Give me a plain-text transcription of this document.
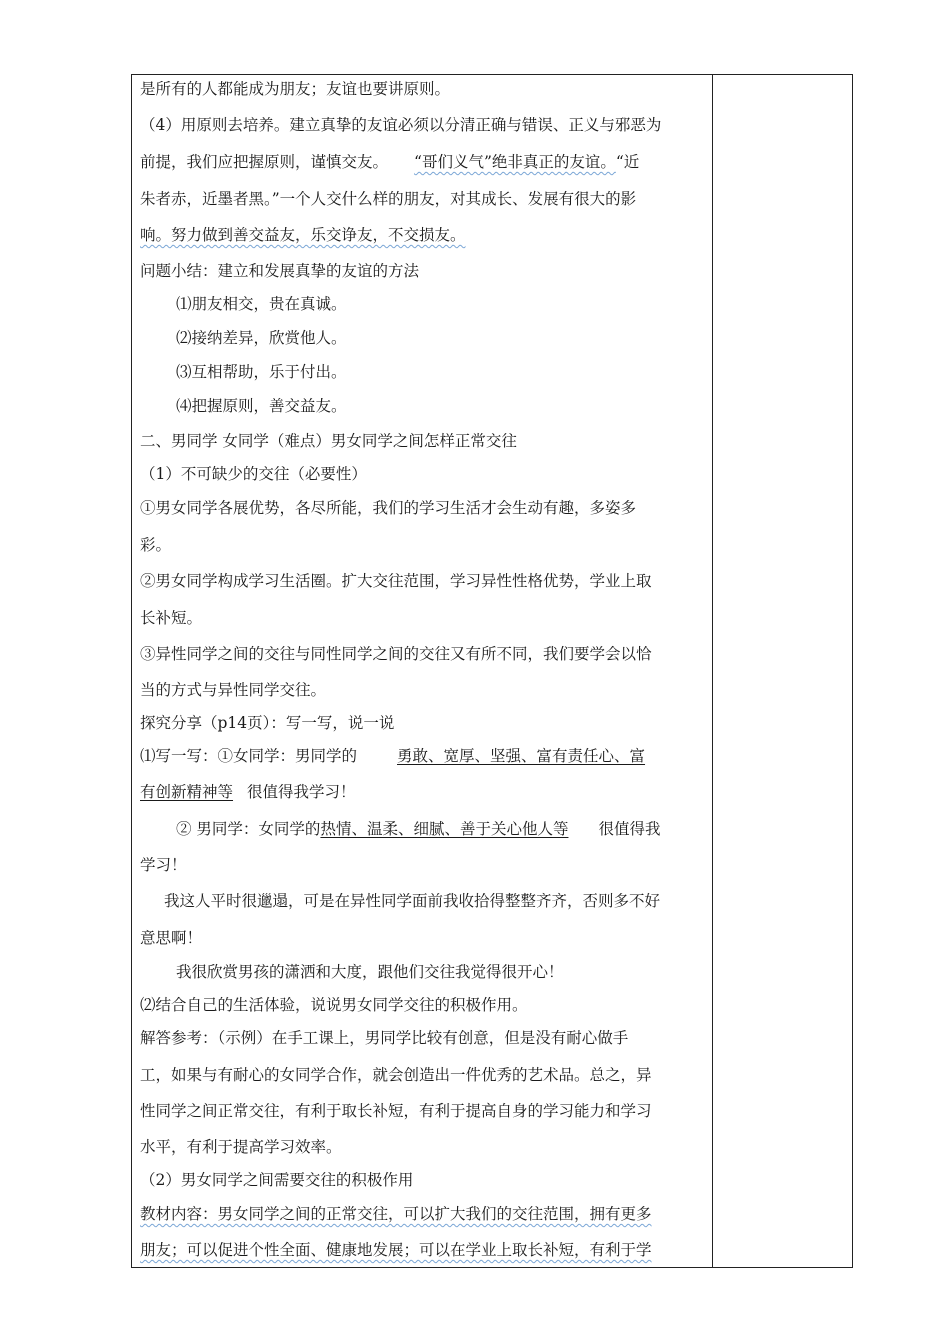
是所有的人都能成为朋友；友谊也要讲原则。
（4）用原则去培养。建立真挚的友谊必须以分清正确与错误、正义与邪恶为
前提，我们应把握原则，谨慎交友。 “哥们义气”绝非真正的友谊。“近
朱者赤，近墨者黑。”一个人交什么样的朋友，对其成长、发展有很大的影
响。努力做到善交益友，乐交诤友，不交损友。
问题小结：建立和发展真挚的友谊的方法
⑴朋友相交，贵在真诚。
⑵接纳差异，欣赏他人。
⑶互相帮助，乐于付出。
⑷把握原则，善交益友。
二、男同学 女同学（难点）男女同学之间怎样正常交往
（1）不可缺少的交往（必要性）
①男女同学各展优势，各尽所能，我们的学习生活才会生动有趣，多姿多
彩。
②男女同学构成学习生活圈。扩大交往范围，学习异性性格优势，学业上取
长补短。
③异性同学之间的交往与同性同学之间的交往又有所不同，我们要学会以恰
当的方式与异性同学交往。
探究分享（p14页）：写一写，说一说
⑴写一写：①女同学：男同学的	勇敢、宽厚、坚强、富有责任心、富
有创新精神等 很值得我学习！
② 男同学：女同学的热情、温柔、细腻、善于关心他人等 很值得我
学习！
我这人平时很邋遢，可是在异性同学面前我收拾得整整齐齐，否则多不好
意思啊！
我很欣赏男孩的潇洒和大度，跟他们交往我觉得很开心！
⑵结合自己的生活体验，说说男女同学交往的积极作用。
解答参考：（示例）在手工课上，男同学比较有创意，但是没有耐心做手
工，如果与有耐心的女同学合作，就会创造出一件优秀的艺术品。总之，异
性同学之间正常交往，有利于取长补短，有利于提高自身的学习能力和学习
水平，有利于提高学习效率。
（2）男女同学之间需要交往的积极作用
教材内容：男女同学之间的正常交往，可以扩大我们的交往范围，拥有更多
朋友；可以促进个性全面、健康地发展；可以在学业上取长补短，有利于学
